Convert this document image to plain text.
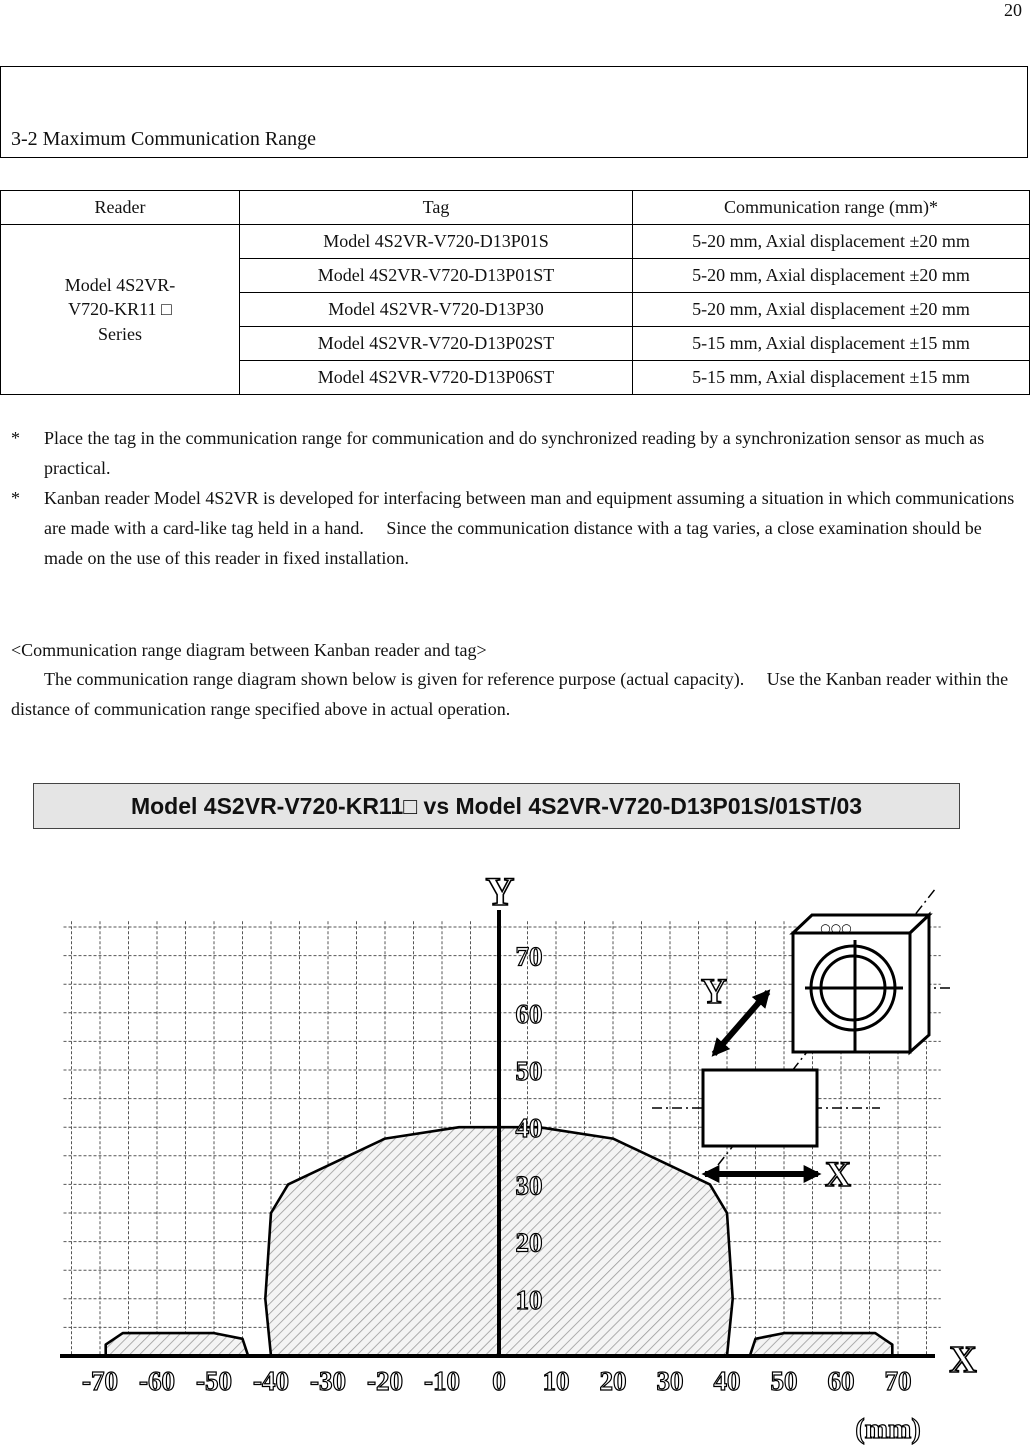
20
3-2 Maximum Communication Range
Reader	Tag	Communication range (mm)*
Model 4S2VR-
V720-KR11 □
Series	Model 4S2VR-V720-D13P01S	5-20 mm, Axial displacement ±20 mm
	Model 4S2VR-V720-D13P01ST	5-20 mm, Axial displacement ±20 mm
	Model 4S2VR-V720-D13P30	5-20 mm, Axial displacement ±20 mm
	Model 4S2VR-V720-D13P02ST	5-15 mm, Axial displacement ±15 mm
	Model 4S2VR-V720-D13P06ST	5-15 mm, Axial displacement ±15 mm
* Place the tag in the communication range for communication and do synchronized reading by a synchronization sensor as much as practical.
* Kanban reader Model 4S2VR is developed for interfacing between man and equipment assuming a situation in which communications are made with a card-like tag held in a hand.　 Since the communication distance with a tag varies, a close examination should be made on the use of this reader in fixed installation.
<Communication range diagram between Kanban reader and tag>
The communication range diagram shown below is given for reference purpose (actual capacity).　 Use the Kanban reader within the distance of communication range specified above in actual operation.
Model 4S2VR-V720-KR11□ vs Model 4S2VR-V720-D13P01S/01ST/03
-70 -60 -50 -40 -30 -20 -10 0 10 20 30 40 50 60 70
10
20
30
40
50
60
70
Y
X
(mm)
○○○
Y
X
